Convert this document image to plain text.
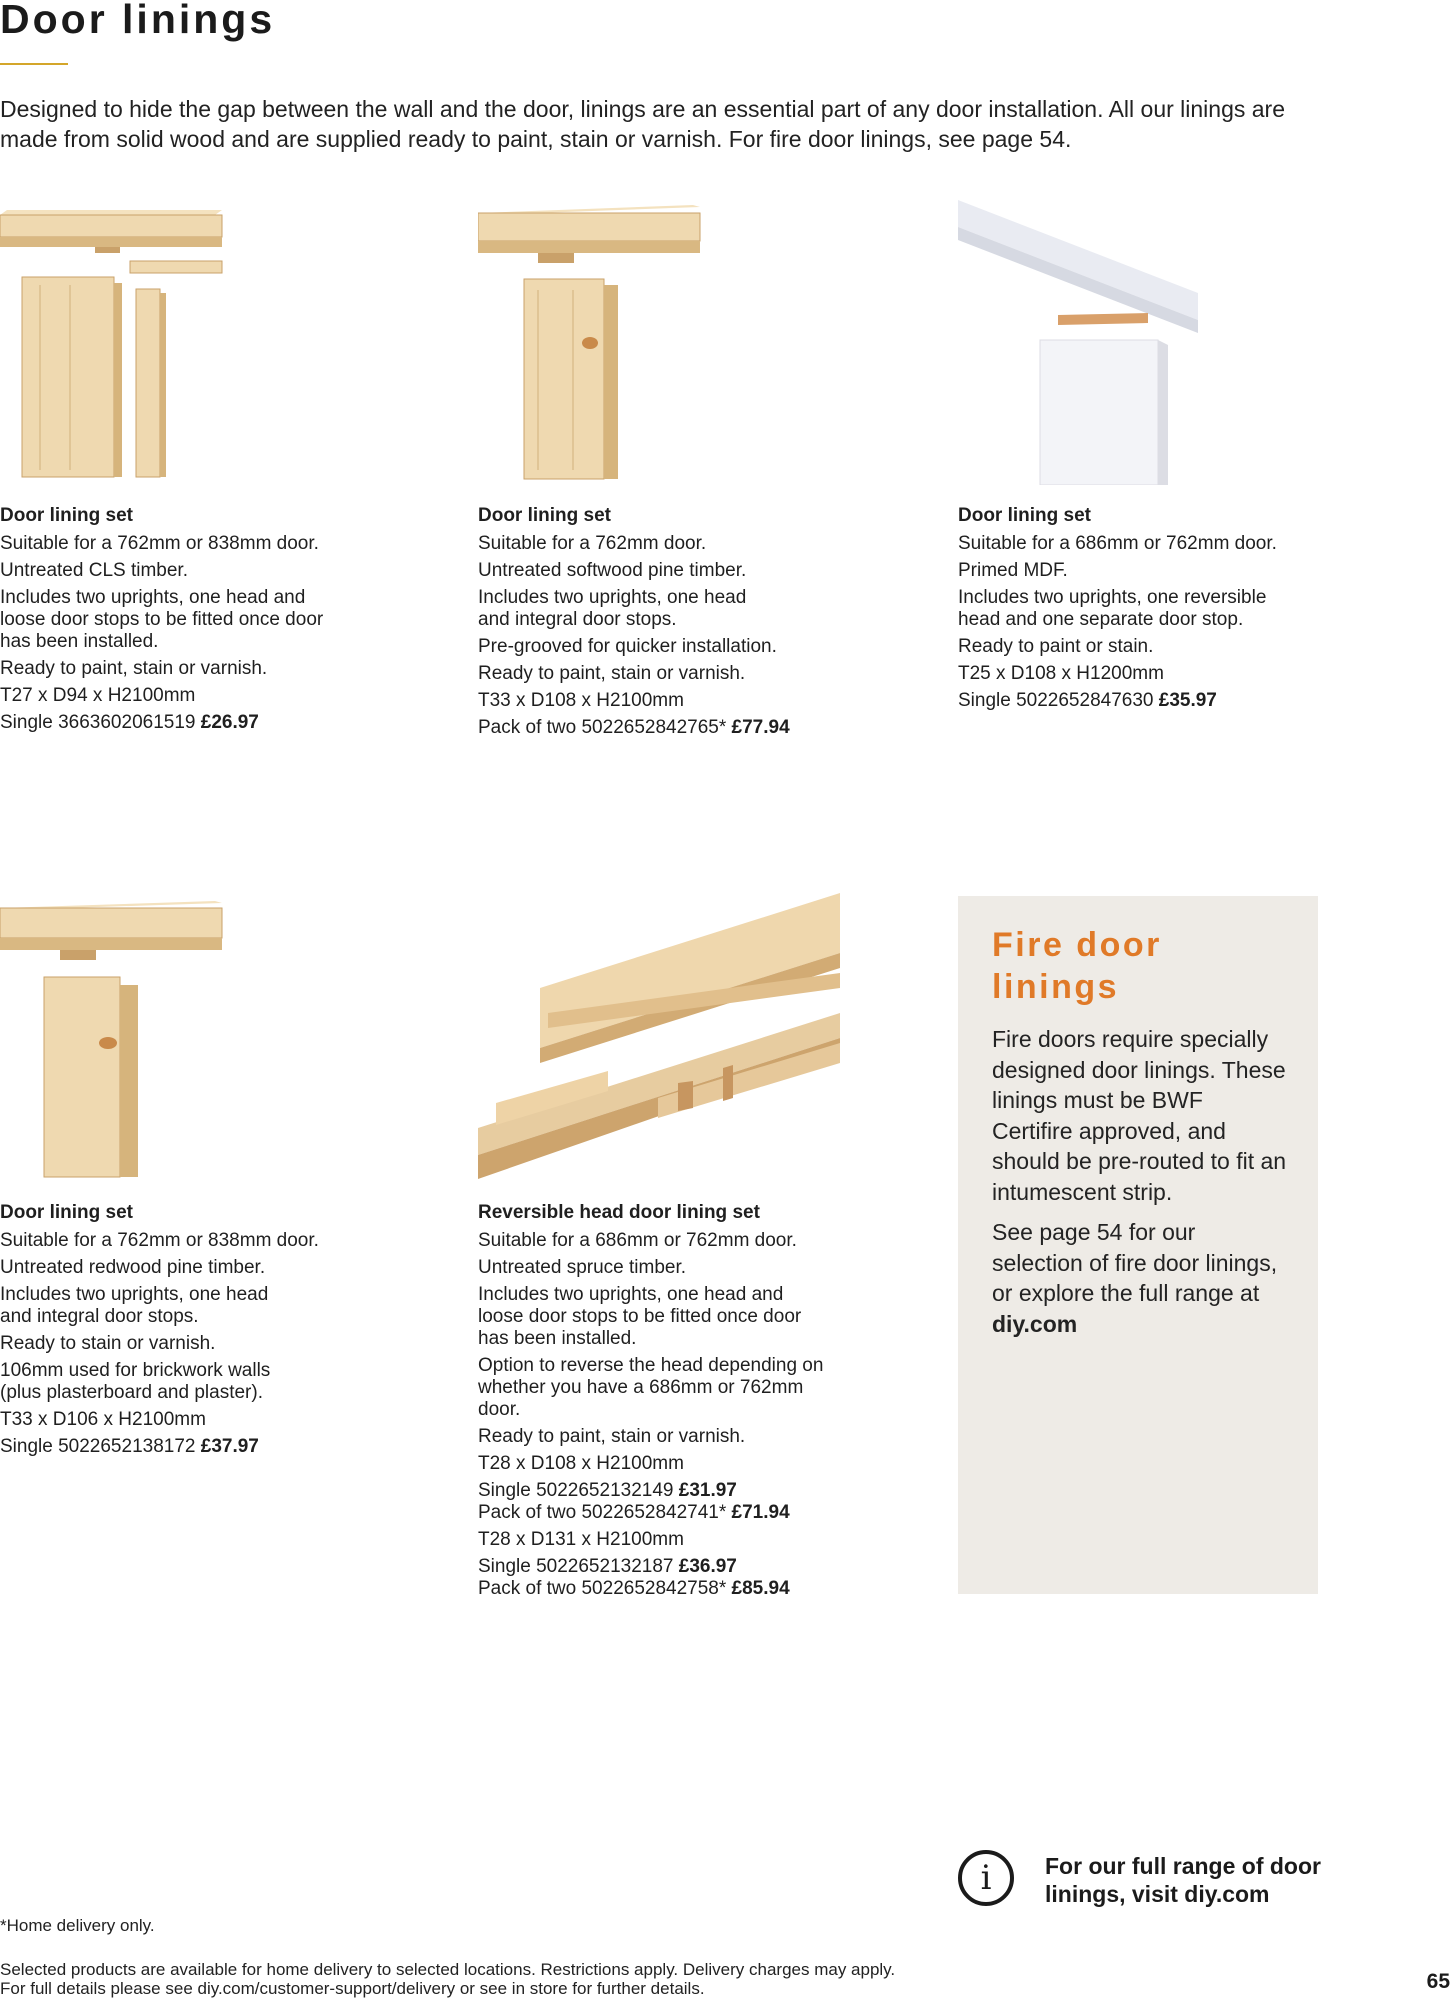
Door linings

Designed to hide the gap between the wall and the door, linings are an essential part of any door installation. All our linings are made from solid wood and are supplied ready to paint, stain or varnish. For fire door linings, see page 54.

Door lining set

Suitable for a 762mm or 838mm door.

Untreated CLS timber.

Includes two uprights, one head and loose door stops to be fitted once door has been installed.

Ready to paint, stain or varnish.

T27 x D94 x H2100mm

Single 3663602061519 £26.97

Door lining set

Suitable for a 762mm door.

Untreated softwood pine timber.

Includes two uprights, one head and integral door stops.

Pre-grooved for quicker installation.

Ready to paint, stain or varnish.

T33 x D108 x H2100mm

Pack of two 5022652842765* £77.94

Door lining set

Suitable for a 686mm or 762mm door.

Primed MDF.

Includes two uprights, one reversible head and one separate door stop.

Ready to paint or stain.

T25 x D108 x H1200mm

Single 5022652847630 £35.97

Door lining set

Suitable for a 762mm or 838mm door.

Untreated redwood pine timber.

Includes two uprights, one head and integral door stops.

Ready to stain or varnish.

106mm used for brickwork walls (plus plasterboard and plaster).

T33 x D106 x H2100mm

Single 5022652138172 £37.97

Reversible head door lining set

Suitable for a 686mm or 762mm door.

Untreated spruce timber.

Includes two uprights, one head and loose door stops to be fitted once door has been installed.

Option to reverse the head depending on whether you have a 686mm or 762mm door.

Ready to paint, stain or varnish.

T28 x D108 x H2100mm

Single 5022652132149 £31.97
Pack of two 5022652842741* £71.94

T28 x D131 x H2100mm

Single 5022652132187 £36.97
Pack of two 5022652842758* £85.94
Fire door linings

Fire doors require specially designed door linings. These linings must be BWF Certifire approved, and should be pre-routed to fit an intumescent strip.

See page 54 for our selection of fire door linings, or explore the full range at diy.com

i	For our full range of door linings, visit diy.com
*Home delivery only.
Selected products are available for home delivery to selected locations. Restrictions apply. Delivery charges may apply.
For full details please see diy.com/customer-support/delivery or see in store for further details.	65
